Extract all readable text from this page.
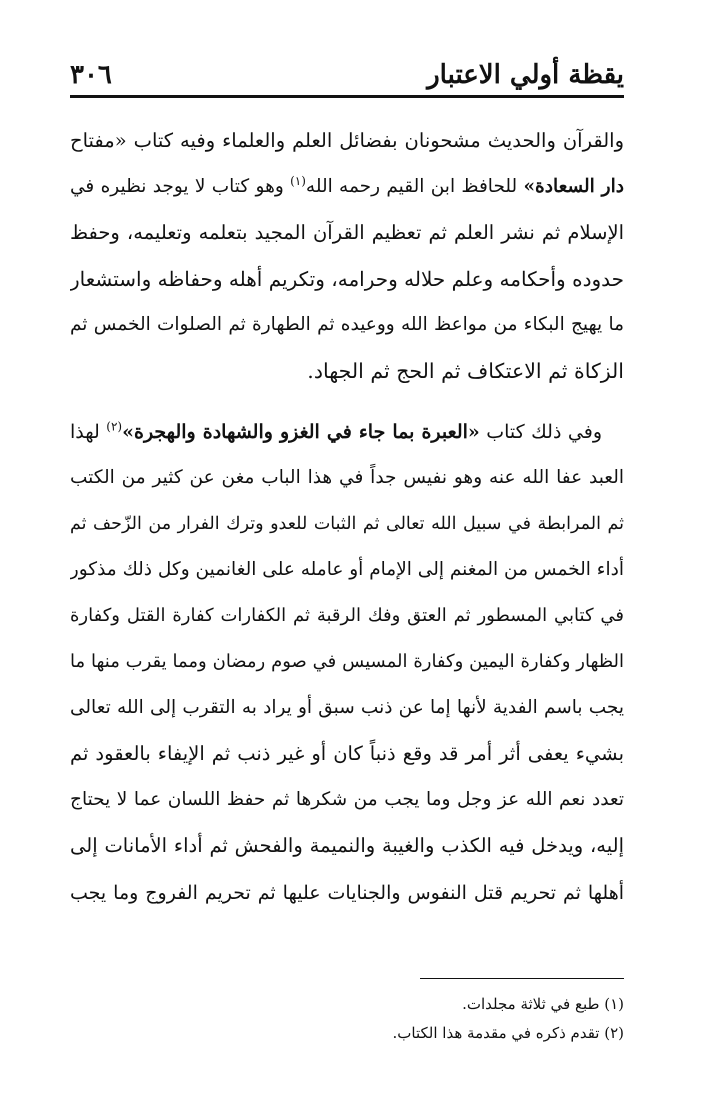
يقظة أولي الاعتبار
٣٠٦
والقرآن والحديث مشحونان بفضائل العلم والعلماء وفيه كتاب «مفتاح
دار السعادة» للحافظ ابن القيم رحمه الله$^{(١)}$ وهو كتاب لا يوجد نظيره في
الإسلام ثم نشر العلم ثم تعظيم القرآن المجيد بتعلمه وتعليمه، وحفظ
حدوده وأحكامه وعلم حلاله وحرامه، وتكريم أهله وحفاظه واستشعار
ما يهيج البكاء من مواعظ الله ووعيده ثم الطهارة ثم الصلوات الخمس ثم
الزكاة ثم الاعتكاف ثم الحج ثم الجهاد.
وفي ذلك كتاب «العبرة بما جاء في الغزو والشهادة والهجرة»$^{(٢)}$ لهذا
العبد عفا الله عنه وهو نفيس جداً في هذا الباب مغن عن كثير من الكتب
ثم المرابطة في سبيل الله تعالى ثم الثبات للعدو وترك الفرار من الزّحف ثم
أداء الخمس من المغنم إلى الإمام أو عامله على الغانمين وكل ذلك مذكور
في كتابي المسطور ثم العتق وفك الرقبة ثم الكفارات كفارة القتل وكفارة
الظهار وكفارة اليمين وكفارة المسيس في صوم رمضان ومما يقرب منها ما
يجب باسم الفدية لأنها إما عن ذنب سبق أو يراد به التقرب إلى الله تعالى
بشيء يعفى أثر أمر قد وقع ذنباً كان أو غير ذنب ثم الإيفاء بالعقود ثم
تعدد نعم الله عز وجل وما يجب من شكرها ثم حفظ اللسان عما لا يحتاج
إليه، ويدخل فيه الكذب والغيبة والنميمة والفحش ثم أداء الأمانات إلى
أهلها ثم تحريم قتل النفوس والجنايات عليها ثم تحريم الفروج وما يجب
(١) طبع في ثلاثة مجلدات.
(٢) تقدم ذكره في مقدمة هذا الكتاب.
